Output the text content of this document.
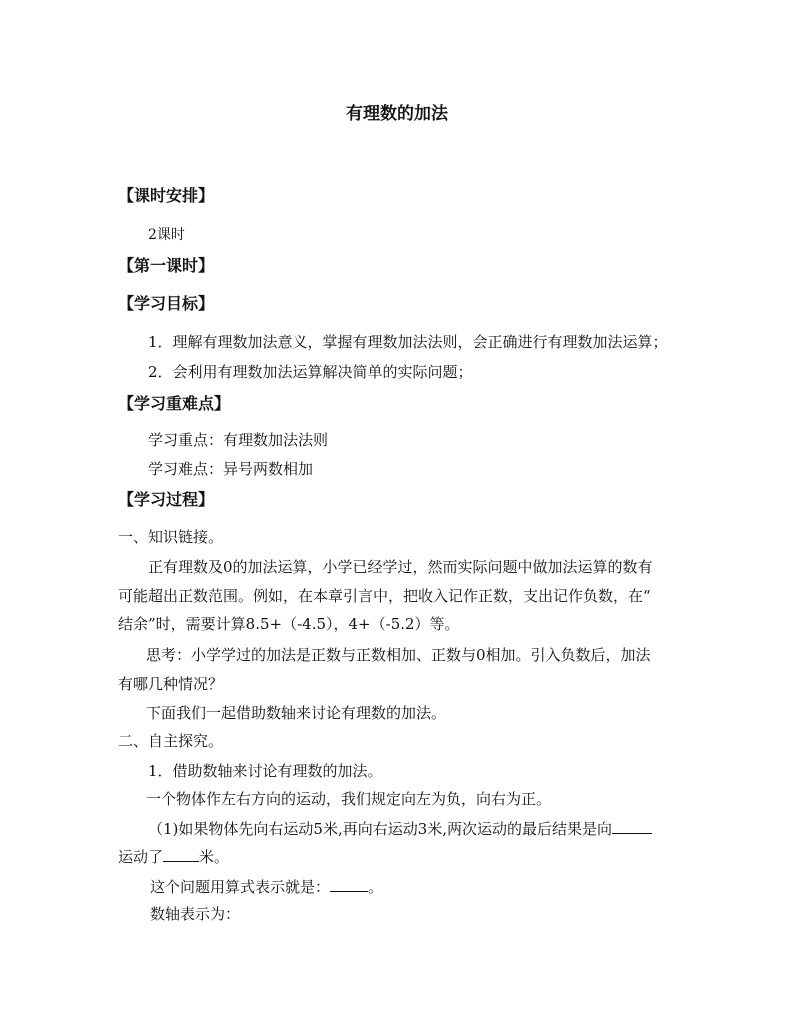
有理数的加法
【课时安排】
2课时
【第一课时】
【学习目标】
1．理解有理数加法意义，掌握有理数加法法则，会正确进行有理数加法运算；
2．会利用有理数加法运算解决简单的实际问题；
【学习重难点】
学习重点：有理数加法法则
学习难点：异号两数相加
【学习过程】
一、知识链接。
正有理数及0的加法运算，小学已经学过，然而实际问题中做加法运算的数有
可能超出正数范围。例如，在本章引言中，把收入记作正数，支出记作负数，在“
结余”时，需要计算8.5+（-4.5），4+（-5.2）等。
思考：小学学过的加法是正数与正数相加、正数与0相加。引入负数后，加法
有哪几种情况？
下面我们一起借助数轴来讨论有理数的加法。
二、自主探究。
1．借助数轴来讨论有理数的加法。
一个物体作左右方向的运动，我们规定向左为负，向右为正。
（1)如果物体先向右运动5米,再向右运动3米,两次运动的最后结果是向
运动了 米。
这个问题用算式表示就是：	。
数轴表示为：
